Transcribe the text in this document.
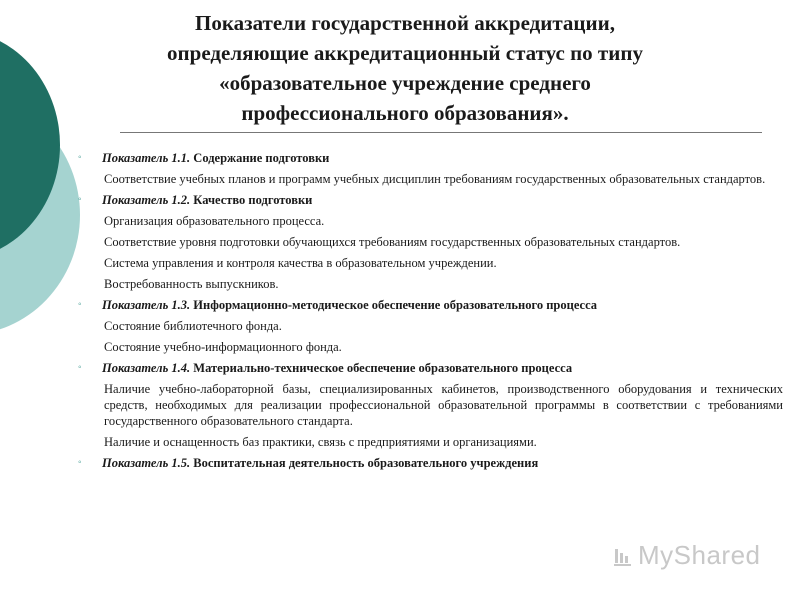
Показатели государственной аккредитации,
определяющие аккредитационный статус по типу
«образовательное учреждение среднего
профессионального образования».
◦	Показатель 1.1. Содержание подготовки
Соответствие учебных планов и программ учебных дисциплин требованиям государственных образовательных стандартов.
◦	Показатель 1.2. Качество подготовки
Организация образовательного процесса.
Соответствие уровня подготовки обучающихся требованиям государственных образовательных стандартов.
Система управления и контроля качества в образовательном учреждении.
Востребованность выпускников.
◦	Показатель 1.3. Информационно-методическое обеспечение образовательного процесса
Состояние библиотечного фонда.
Состояние учебно-информационного фонда.
◦	Показатель 1.4. Материально-техническое обеспечение образовательного процесса
Наличие учебно-лабораторной базы, специализированных кабинетов, производственного оборудования и технических средств, необходимых для реализации профессиональной образовательной программы в соответствии с требованиями государственного образовательного стандарта.
Наличие и оснащенность баз практики, связь с предприятиями и организациями.
◦	Показатель 1.5. Воспитательная деятельность образовательного учреждения
MyShared
